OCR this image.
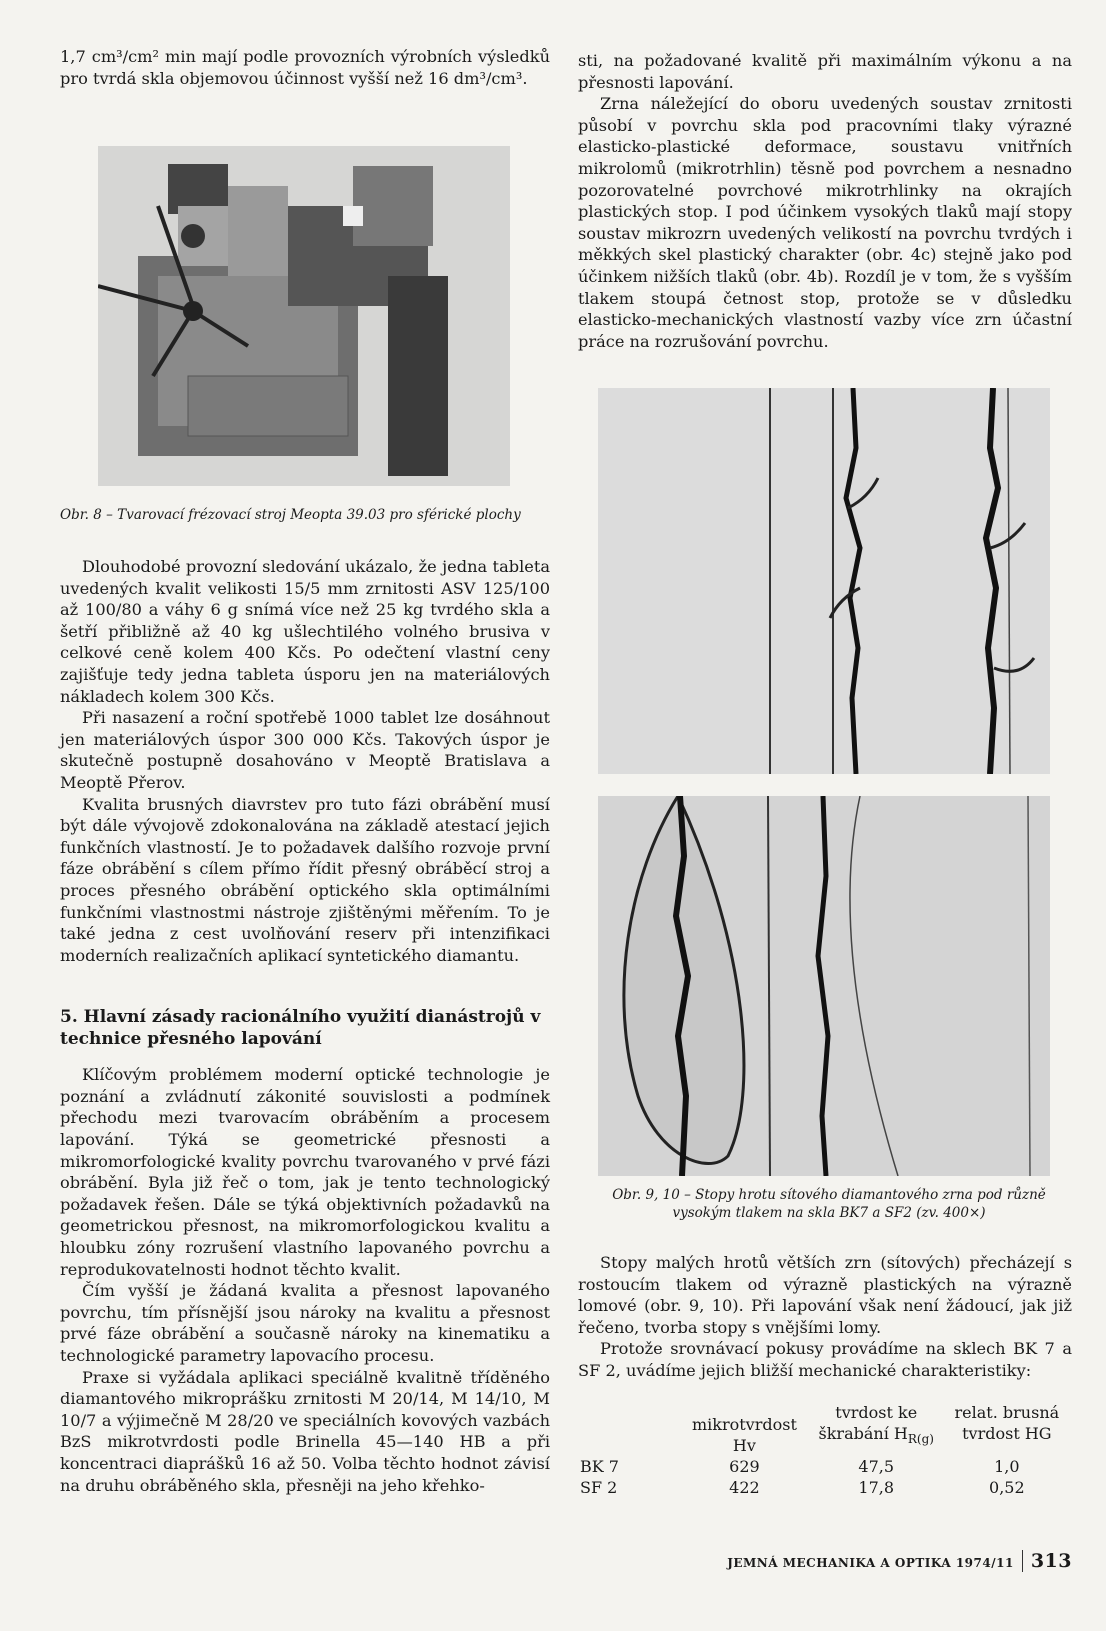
1,7 cm³/cm² min mají podle provozních výrobních výsledků pro tvrdá skla objemovou účinnost vyšší než 16 dm³/cm³.

Obr. 8 – Tvarovací frézovací stroj Meopta 39.03 pro sférické plochy

Dlouhodobé provozní sledování ukázalo, že jedna tableta uvedených kvalit velikosti 15/5 mm zrnitosti ASV 125/100 až 100/80 a váhy 6 g snímá více než 25 kg tvrdého skla a šetří přibližně až 40 kg ušlechtilého volného brusiva v celkové ceně kolem 400 Kčs. Po odečtení vlastní ceny zajišťuje tedy jedna tableta úsporu jen na materiálových nákladech kolem 300 Kčs.

Při nasazení a roční spotřebě 1000 tablet lze dosáhnout jen materiálových úspor 300 000 Kčs. Takových úspor je skutečně postupně dosahováno v Meoptě Bratislava a Meoptě Přerov.

Kvalita brusných diavrstev pro tuto fázi obrábění musí být dále vývojově zdokonalována na základě atestací jejich funkčních vlastností. Je to požadavek dalšího rozvoje první fáze obrábění s cílem přímo řídit přesný obráběcí stroj a proces přesného obrábění optického skla optimálními funkčními vlastnostmi nástroje zjištěnými měřením. To je také jedna z cest uvolňování reserv při intenzifikaci moderních realizačních aplikací syntetického diamantu.

5. Hlavní zásady racionálního využití dianástrojů v technice přesného lapování

Klíčovým problémem moderní optické technologie je poznání a zvládnutí zákonité souvislosti a podmínek přechodu mezi tvarovacím obráběním a procesem lapování. Týká se geometrické přesnosti a mikromorfologické kvality povrchu tvarovaného v prvé fázi obrábění. Byla již řeč o tom, jak je tento technologický požadavek řešen. Dále se týká objektivních požadavků na geometrickou přesnost, na mikromorfologickou kvalitu a hloubku zóny rozrušení vlastního lapovaného povrchu a reprodukovatelnosti hodnot těchto kvalit.

Čím vyšší je žádaná kvalita a přesnost lapovaného povrchu, tím přísnější jsou nároky na kvalitu a přesnost prvé fáze obrábění a současně nároky na kinematiku a technologické parametry lapovacího procesu.

Praxe si vyžádala aplikaci speciálně kvalitně tříděného diamantového mikroprášku zrnitosti M 20/14, M 14/10, M 10/7 a výjimečně M 28/20 ve speciálních kovových vazbách BzS mikrotvrdosti podle Brinella 45—140 HB a při koncentraci diaprášků 16 až 50. Volba těchto hodnot závisí na druhu obráběného skla, přesněji na jeho křehko-

sti, na požadované kvalitě při maximálním výkonu a na přesnosti lapování.

Zrna náležející do oboru uvedených soustav zrnitosti působí v povrchu skla pod pracovními tlaky výrazné elasticko-plastické deformace, soustavu vnitřních mikrolomů (mikrotrhlin) těsně pod povrchem a nesnadno pozorovatelné povrchové mikrotrhlinky na okrajích plastických stop. I pod účinkem vysokých tlaků mají stopy soustav mikrozrn uvedených velikostí na povrchu tvrdých i měkkých skel plastický charakter (obr. 4c) stejně jako pod účinkem nižších tlaků (obr. 4b). Rozdíl je v tom, že s vyšším tlakem stoupá četnost stop, protože se v důsledku elasticko-mechanických vlastností vazby více zrn účastní práce na rozrušování povrchu.

Obr. 9, 10 – Stopy hrotu sítového diamantového zrna pod různě vysokým tlakem na skla BK7 a SF2 (zv. 400×)

Stopy malých hrotů větších zrn (sítových) přecházejí s rostoucím tlakem od výrazně plastických na výrazně lomové (obr. 9, 10). Při lapování však není žádoucí, jak již řečeno, tvorba stopy s vnějšími lomy.

Protože srovnávací pokusy provádíme na sklech BK 7 a SF 2, uvádíme jejich bližší mechanické charakteristiky:

	mikrotvrdost Hv	tvrdost ke škrabání $H_{R(g)}$	relat. brusná tvrdost HG
BK 7	629	47,5	1,0
SF 2	422	17,8	0,52
JEMNÁ MECHANIKA A OPTIKA 1974/11 313
